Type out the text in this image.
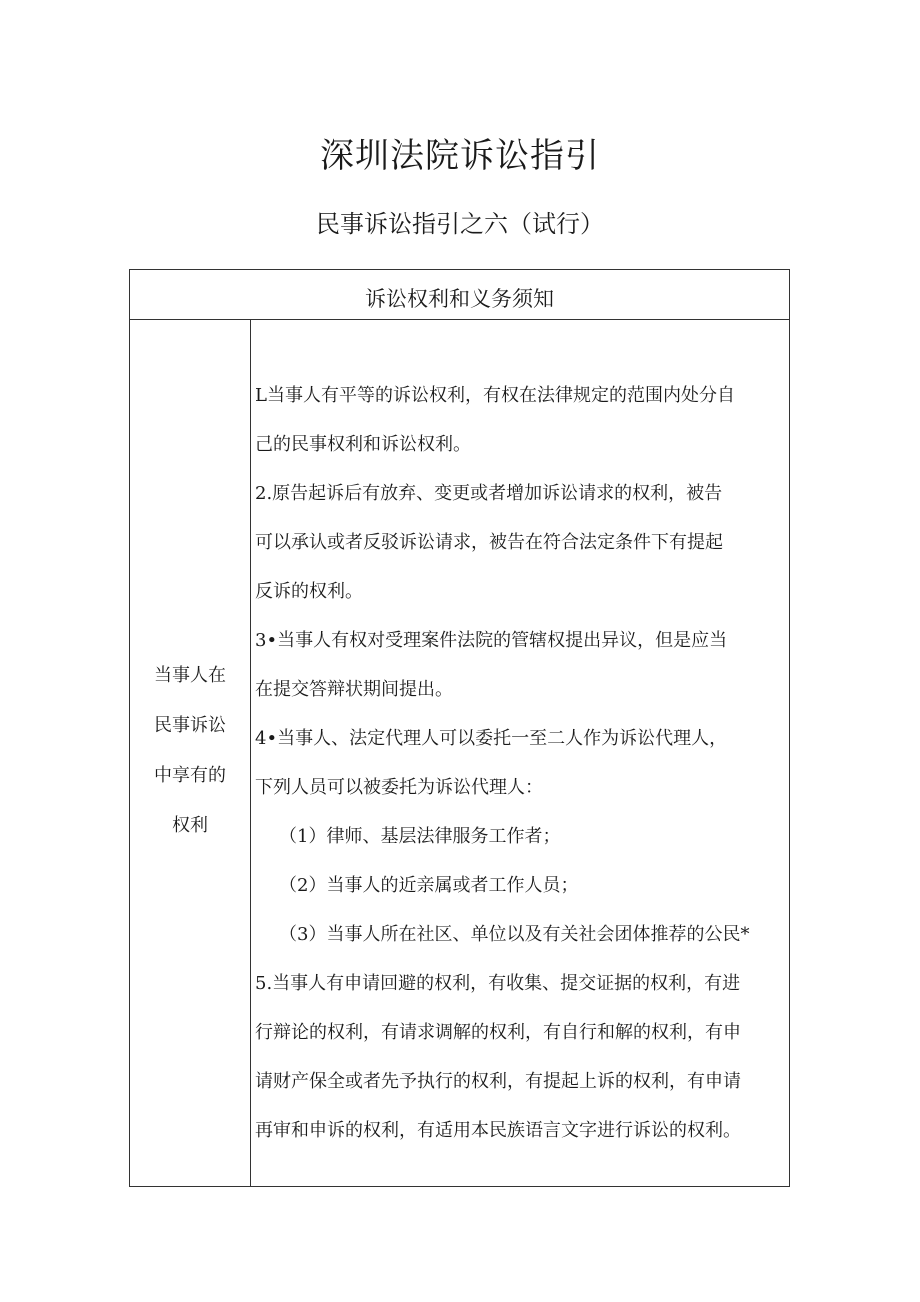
深圳法院诉讼指引
民事诉讼指引之六（试行）
诉讼权利和义务须知
当事人在
民事诉讼
中享有的
权利
L当事人有平等的诉讼权利，有权在法律规定的范围内处分自
己的民事权利和诉讼权利。
2.原告起诉后有放弃、变更或者增加诉讼请求的权利，被告
可以承认或者反驳诉讼请求，被告在符合法定条件下有提起
反诉的权利。
3•当事人有权对受理案件法院的管辖权提出异议，但是应当
在提交答辩状期间提出。
4•当事人、法定代理人可以委托一至二人作为诉讼代理人，
下列人员可以被委托为诉讼代理人：
（1）律师、基层法律服务工作者；
（2）当事人的近亲属或者工作人员；
（3）当事人所在社区、单位以及有关社会团体推荐的公民*
5.当事人有申请回避的权利，有收集、提交证据的权利，有进
行辩论的权利，有请求调解的权利，有自行和解的权利，有申
请财产保全或者先予执行的权利，有提起上诉的权利，有申请
再审和申诉的权利，有适用本民族语言文字进行诉讼的权利。
